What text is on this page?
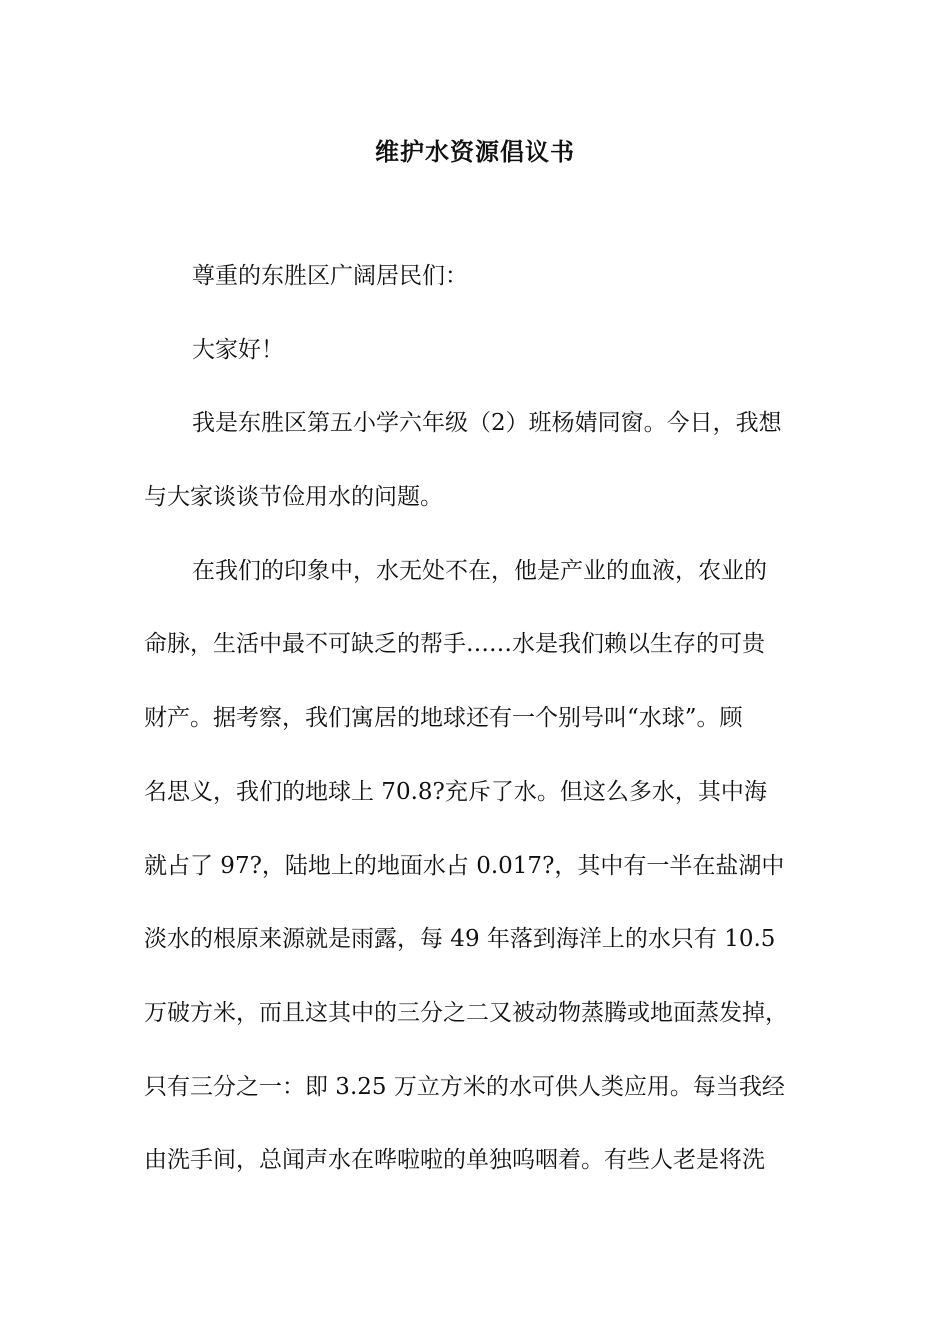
维护水资源倡议书
尊重的东胜区广阔居民们：
大家好！
我是东胜区第五小学六年级（2）班杨婧同窗。今日，我想
与大家谈谈节俭用水的问题。
在我们的印象中，水无处不在，他是产业的血液，农业的
命脉，生活中最不可缺乏的帮手……水是我们赖以生存的可贵
财产。据考察，我们寓居的地球还有一个别号叫“水球”。顾
名思义，我们的地球上 70.8?充斥了水。但这么多水，其中海
就占了 97?，陆地上的地面水占 0.017?，其中有一半在盐湖中
淡水的根原来源就是雨露，每 49 年落到海洋上的水只有 10.5
万破方米，而且这其中的三分之二又被动物蒸腾或地面蒸发掉，
只有三分之一：即 3.25 万立方米的水可供人类应用。每当我经
由洗手间，总闻声水在哗啦啦的单独呜咽着。有些人老是将洗
